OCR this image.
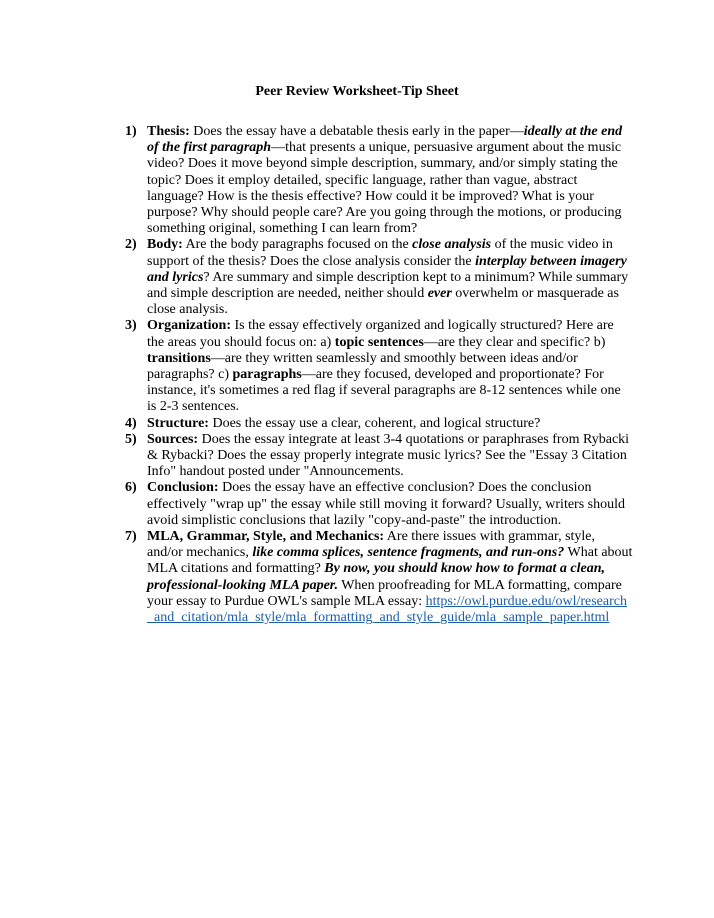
Peer Review Worksheet-Tip Sheet
1) Thesis: Does the essay have a debatable thesis early in the paper—ideally at the end of the first paragraph—that presents a unique, persuasive argument about the music video? Does it move beyond simple description, summary, and/or simply stating the topic? Does it employ detailed, specific language, rather than vague, abstract language? How is the thesis effective? How could it be improved? What is your purpose? Why should people care? Are you going through the motions, or producing something original, something I can learn from?
2) Body: Are the body paragraphs focused on the close analysis of the music video in support of the thesis? Does the close analysis consider the interplay between imagery and lyrics? Are summary and simple description kept to a minimum? While summary and simple description are needed, neither should ever overwhelm or masquerade as close analysis.
3) Organization: Is the essay effectively organized and logically structured? Here are the areas you should focus on: a) topic sentences—are they clear and specific? b) transitions—are they written seamlessly and smoothly between ideas and/or paragraphs? c) paragraphs—are they focused, developed and proportionate? For instance, it's sometimes a red flag if several paragraphs are 8-12 sentences while one is 2-3 sentences.
4) Structure: Does the essay use a clear, coherent, and logical structure?
5) Sources: Does the essay integrate at least 3-4 quotations or paraphrases from Rybacki & Rybacki? Does the essay properly integrate music lyrics? See the "Essay 3 Citation Info" handout posted under "Announcements.
6) Conclusion: Does the essay have an effective conclusion? Does the conclusion effectively "wrap up" the essay while still moving it forward? Usually, writers should avoid simplistic conclusions that lazily "copy-and-paste" the introduction.
7) MLA, Grammar, Style, and Mechanics: Are there issues with grammar, style, and/or mechanics, like comma splices, sentence fragments, and run-ons? What about MLA citations and formatting? By now, you should know how to format a clean, professional-looking MLA paper. When proofreading for MLA formatting, compare your essay to Purdue OWL's sample MLA essay: https://owl.purdue.edu/owl/research_and_citation/mla_style/mla_formatting_and_style_guide/mla_sample_paper.html
